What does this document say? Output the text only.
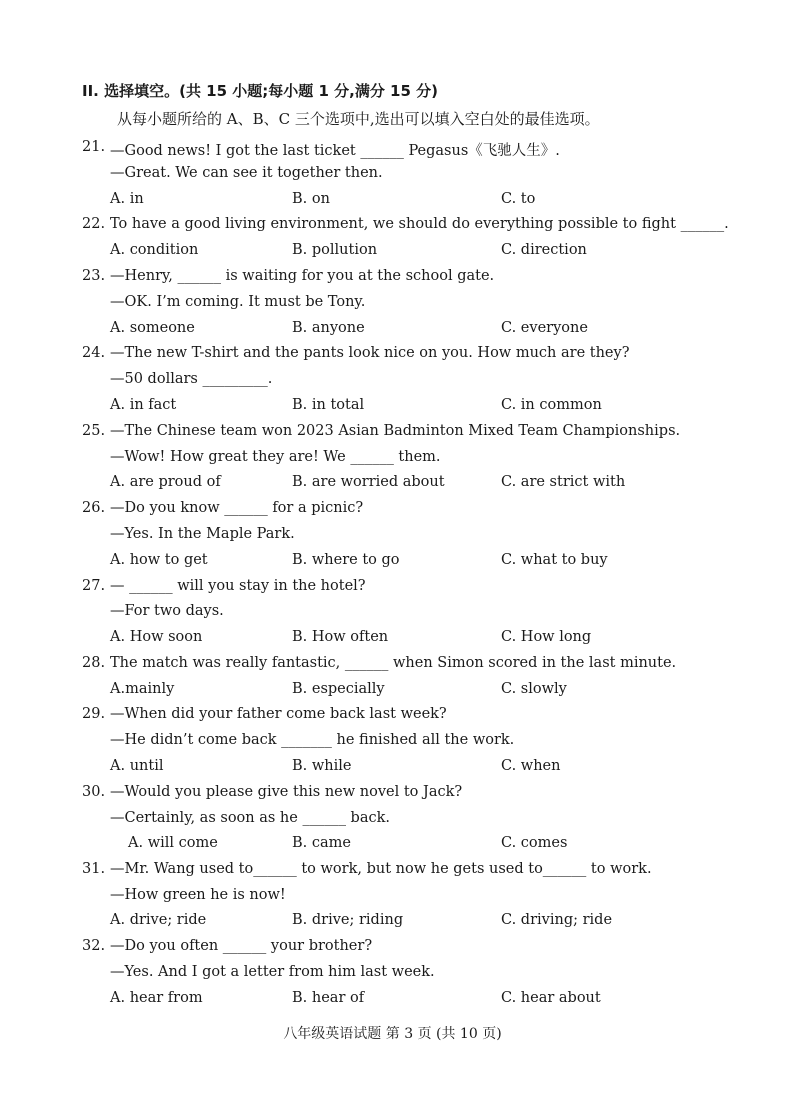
II. 选择填空。(共 15 小题;每小题 1 分,满分 15 分)
从每小题所给的 A、B、C 三个选项中,选出可以填入空白处的最佳选项。
21. —Good news! I got the last ticket ______ Pegasus《飞驰人生》.
—Great. We can see it together then.
A. in	B. on	C. to
22. To have a good living environment, we should do everything possible to fight ______.
A. condition	B. pollution	C. direction
23. —Henry, ______ is waiting for you at the school gate.
—OK. I’m coming. It must be Tony.
A. someone	B. anyone	C. everyone
24. —The new T-shirt and the pants look nice on you. How much are they?
—50 dollars _________.
A. in fact	B. in total	C. in common
25. —The Chinese team won 2023 Asian Badminton Mixed Team Championships.
—Wow! How great they are! We ______ them.
A. are proud of	B. are worried about	C. are strict with
26. —Do you know ______ for a picnic?
—Yes. In the Maple Park.
A. how to get	B. where to go	C. what to buy
27. — ______ will you stay in the hotel?
—For two days.
A. How soon	B. How often	C. How long
28. The match was really fantastic, ______ when Simon scored in the last minute.
A.mainly	B. especially	C. slowly
29. —When did your father come back last week?
—He didn’t come back _______ he finished all the work.
A. until	B. while	C. when
30. —Would you please give this new novel to Jack?
—Certainly, as soon as he ______ back.
A. will come	B. came	C. comes
31. —Mr. Wang used to______ to work, but now he gets used to______ to work.
—How green he is now!
A. drive; ride	B. drive; riding	C. driving; ride
32. —Do you often ______ your brother?
—Yes. And I got a letter from him last week.
A. hear from	B. hear of	C. hear about
八年级英语试题 第 3 页 (共 10 页)
